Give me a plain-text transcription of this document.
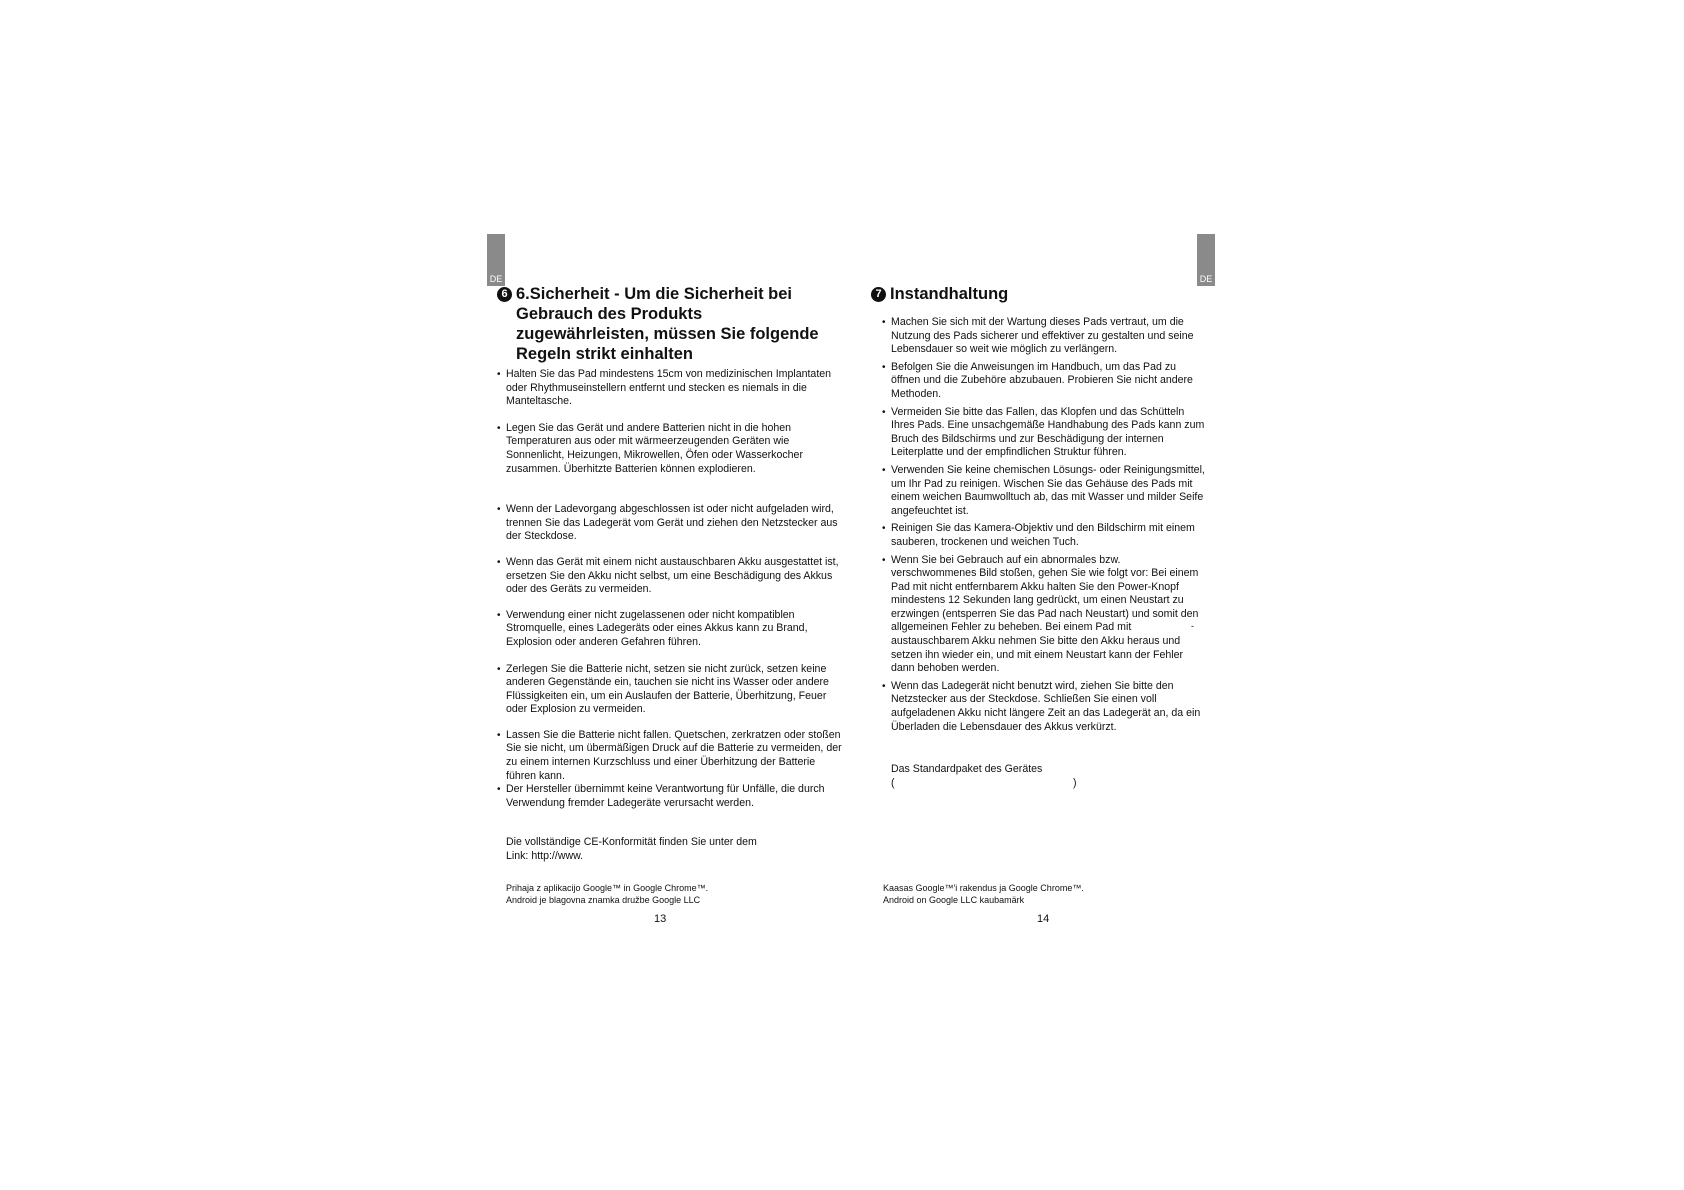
DE	DE
6 6.Sicherheit - Um die Sicherheit bei Gebrauch des Produkts zugewährleisten, müssen Sie folgende Regeln strikt einhalten
• Halten Sie das Pad mindestens 15cm von medizinischen Implantaten oder Rhythmuseinstellern entfernt und stecken es niemals in die Manteltasche.
• Legen Sie das Gerät und andere Batterien nicht in die hohen Temperaturen aus oder mit wärmeerzeugenden Geräten wie Sonnenlicht, Heizungen, Mikrowellen, Öfen oder Wasserkocher zusammen. Überhitzte Batterien können explodieren.
• Wenn der Ladevorgang abgeschlossen ist oder nicht aufgeladen wird, trennen Sie das Ladegerät vom Gerät und ziehen den Netzstecker aus der Steckdose.
• Wenn das Gerät mit einem nicht austauschbaren Akku ausgestattet ist, ersetzen Sie den Akku nicht selbst, um eine Beschädigung des Akkus oder des Geräts zu vermeiden.
• Verwendung einer nicht zugelassenen oder nicht kompatiblen Stromquelle, eines Ladegeräts oder eines Akkus kann zu Brand, Explosion oder anderen Gefahren führen.
• Zerlegen Sie die Batterie nicht, setzen sie nicht zurück, setzen keine anderen Gegenstände ein, tauchen sie nicht ins Wasser oder andere Flüssigkeiten ein, um ein Auslaufen der Batterie, Überhitzung, Feuer oder Explosion zu vermeiden.
• Lassen Sie die Batterie nicht fallen. Quetschen, zerkratzen oder stoßen Sie sie nicht, um übermäßigen Druck auf die Batterie zu vermeiden, der zu einem internen Kurzschluss und einer Überhitzung der Batterie führen kann.
• Der Hersteller übernimmt keine Verantwortung für Unfälle, die durch Verwendung fremder Ladegeräte verursacht werden.
Die vollständige CE-Konformität finden Sie unter dem
Link: http://www.
Prihaja z aplikacijo Google™ in Google Chrome™.
Android je blagovna znamka družbe Google LLC
7 Instandhaltung
• Machen Sie sich mit der Wartung dieses Pads vertraut, um die Nutzung des Pads sicherer und effektiver zu gestalten und seine Lebensdauer so weit wie möglich zu verlängern.
• Befolgen Sie die Anweisungen im Handbuch, um das Pad zu öffnen und die Zubehöre abzubauen. Probieren Sie nicht andere Methoden.
• Vermeiden Sie bitte das Fallen, das Klopfen und das Schütteln Ihres Pads. Eine unsachgemäße Handhabung des Pads kann zum Bruch des Bildschirms und zur Beschädigung der internen Leiterplatte und der empfindlichen Struktur führen.
• Verwenden Sie keine chemischen Lösungs- oder Reinigungsmittel, um Ihr Pad zu reinigen. Wischen Sie das Gehäuse des Pads mit einem weichen Baumwolltuch ab, das mit Wasser und milder Seife angefeuchtet ist.
• Reinigen Sie das Kamera-Objektiv und den Bildschirm mit einem sauberen, trockenen und weichen Tuch.
• Wenn Sie bei Gebrauch auf ein abnormales bzw. verschwommenes Bild stoßen, gehen Sie wie folgt vor: Bei einem Pad mit nicht entfernbarem Akku halten Sie den Power-Knopf mindestens 12 Sekunden lang gedrückt, um einen Neustart zu erzwingen (entsperren Sie das Pad nach Neustart) und somit den allgemeinen Fehler zu beheben. Bei einem Pad mit austauschbarem Akku nehmen Sie bitte den Akku heraus und setzen ihn wieder ein, und mit einem Neustart kann der Fehler dann behoben werden.
• Wenn das Ladegerät nicht benutzt wird, ziehen Sie bitte den Netzstecker aus der Steckdose. Schließen Sie einen voll aufgeladenen Akku nicht längere Zeit an das Ladegerät an, da ein Überladen die Lebensdauer des Akkus verkürzt.
-
Das Standardpaket des Gerätes
(	)
Kaasas Google™'i rakendus ja Google Chrome™.
Android on Google LLC kaubamärk
13	14
